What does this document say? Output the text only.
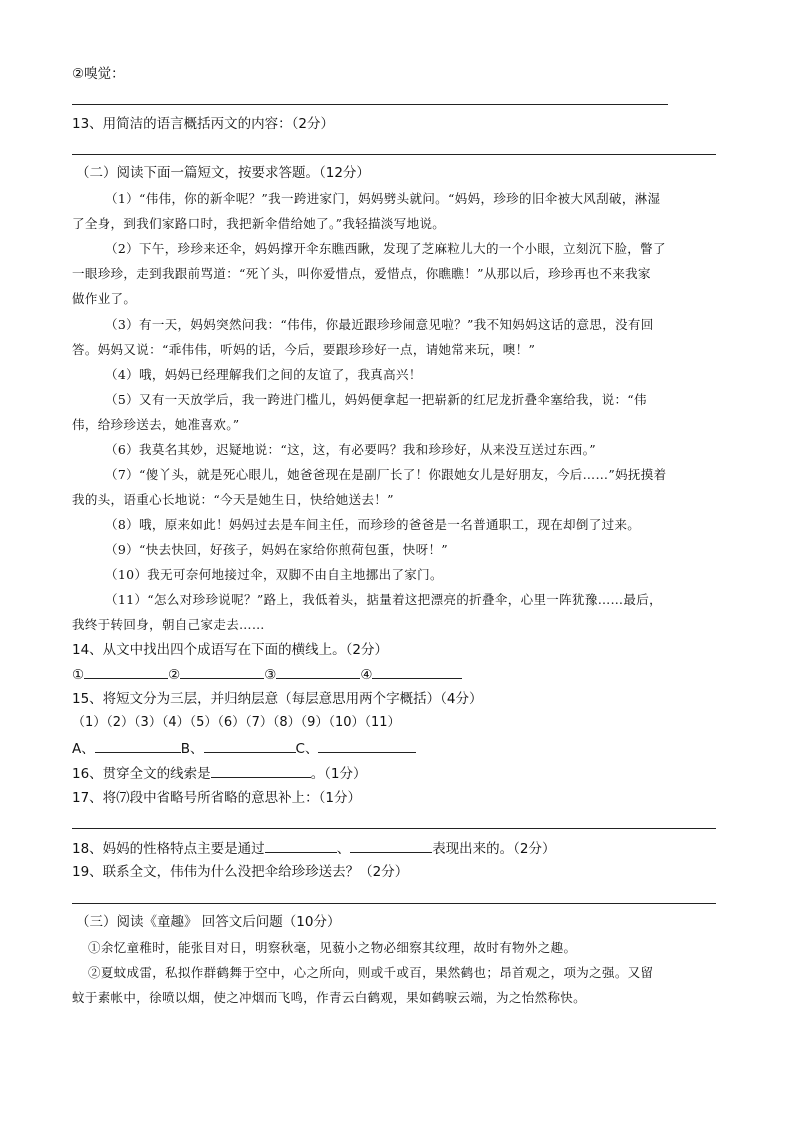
②嗅觉：
13、用简洁的语言概括丙文的内容：（2分）
（二）阅读下面一篇短文，按要求答题。（12分）
（1）“伟伟，你的新伞呢？”我一跨进家门，妈妈劈头就问。“妈妈，珍珍的旧伞被大风刮破，淋湿
了全身，到我们家路口时，我把新伞借给她了。”我轻描淡写地说。
（2）下午，珍珍来还伞，妈妈撑开伞东瞧西瞅，发现了芝麻粒儿大的一个小眼，立刻沉下脸，瞥了
一眼珍珍，走到我跟前骂道：“死丫头，叫你爱惜点，爱惜点，你瞧瞧！”从那以后，珍珍再也不来我家
做作业了。
（3）有一天，妈妈突然问我：“伟伟，你最近跟珍珍闹意见啦？”我不知妈妈这话的意思，没有回
答。妈妈又说：“乖伟伟，听妈的话，今后，要跟珍珍好一点，请她常来玩，噢！”
（4）哦，妈妈已经理解我们之间的友谊了，我真高兴！
（5）又有一天放学后，我一跨进门槛儿，妈妈便拿起一把崭新的红尼龙折叠伞塞给我，说：“伟
伟，给珍珍送去，她准喜欢。”
（6）我莫名其妙，迟疑地说：“这，这，有必要吗？我和珍珍好，从来没互送过东西。”
（7）“傻丫头，就是死心眼儿，她爸爸现在是副厂长了！你跟她女儿是好朋友，今后……”妈抚摸着
我的头，语重心长地说：“今天是她生日，快给她送去！”
（8）哦，原来如此！妈妈过去是车间主任，而珍珍的爸爸是一名普通职工，现在却倒了过来。
（9）“快去快回，好孩子，妈妈在家给你煎荷包蛋，快呀！”
（10）我无可奈何地接过伞，双脚不由自主地挪出了家门。
（11）“怎么对珍珍说呢？”路上，我低着头，掂量着这把漂亮的折叠伞，心里一阵犹豫……最后，
我终于转回身，朝自己家走去……
14、从文中找出四个成语写在下面的横线上。（2分）
①	②	③	④
15、将短文分为三层，并归纳层意（每层意思用两个字概括）（4分）
（1）（2）（3）（4）（5）（6）（7）（8）（9）（10）（11）
A、	B、	C、
16、贯穿全文的线索是	。（1分）
17、将⑺段中省略号所省略的意思补上：（1分）
18、妈妈的性格特点主要是通过	、	表现出来的。（2分）
19、联系全文，伟伟为什么没把伞给珍珍送去？（2分）
（三）阅读《童趣》 回答文后问题（10分）
①余忆童稚时，能张目对日，明察秋毫，见藐小之物必细察其纹理，故时有物外之趣。
②夏蚊成雷，私拟作群鹤舞于空中，心之所向，则或千或百，果然鹤也；昂首观之，项为之强。又留
蚊于素帐中，徐喷以烟，使之冲烟而飞鸣，作青云白鹤观，果如鹤唳云端，为之怡然称快。
